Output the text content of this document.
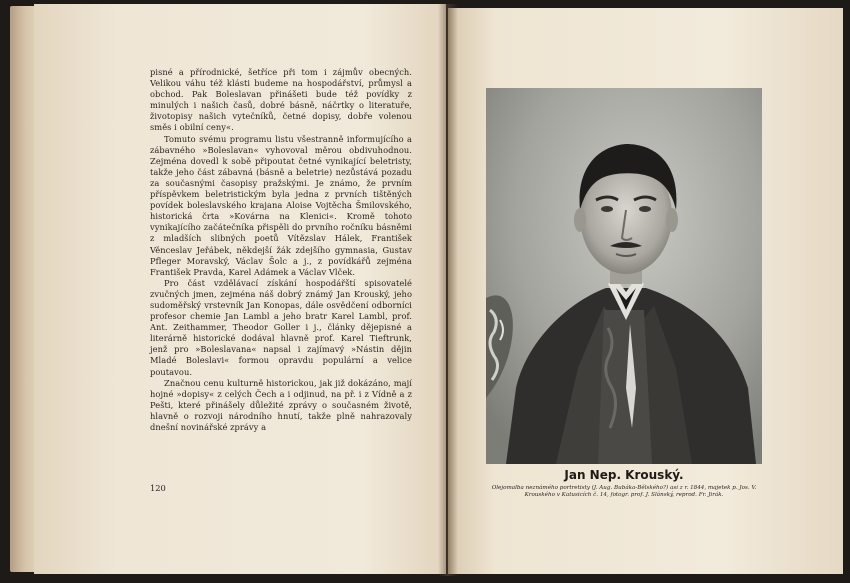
pisné a přírodnické, šetříce při tom i zájmův obecných. Velikou váhu též klásti budeme na hospodářství, průmysl a obchod. Pak Boleslavan přinášeti bude též povídky z minulých i našich časů, dobré básně, náčrtky o literatuře, životopisy našich vytečníků, četné dopisy, dobře volenou směs i obilní ceny«.

Tomuto svému programu listu všestranně informujícího a zábavného »Boleslavan« vyhovoval měrou obdivuhodnou. Zejména dovedl k sobě připoutat četné vynikající beletristy, takže jeho část zábavná (básně a beletrie) nezůstává pozadu za současnými časopisy pražskými. Je známo, že prvním příspěvkem beletristickým byla jedna z prvních tištěných povídek boleslavského krajana Aloise Vojtěcha Šmilovského, historická črta »Kovárna na Klenici«. Kromě tohoto vynikajícího začátečníka přispěli do prvního ročníku básněmi z mladších slibných poetů Vítězslav Hálek, František Věnceslav Jeřábek, někdejší žák zdejšího gymnasia, Gustav Pfleger Moravský, Václav Šolc a j., z povídkářů zejména František Pravda, Karel Adámek a Václav Vlček.

Pro část vzdělávací získání hospodářští spisovatelé zvučných jmen, zejména náš dobrý známý Jan Krouský, jeho sudoměřský vrstevník Jan Konopas, dále osvědčení odborníci profesor chemie Jan Lambl a jeho bratr Karel Lambl, prof. Ant. Zeithammer, Theodor Goller i j., články dějepisné a literárně historické dodával hlavně prof. Karel Tieftrunk, jenž pro »Boleslavana« napsal i zajímavý »Nástin dějin Mladé Boleslavi« formou opravdu populární a velice poutavou.

Značnou cenu kulturně historickou, jak již dokázáno, mají hojné »dopisy« z celých Čech a i odjinud, na př. i z Vídně a z Pešti, které přinášely důležité zprávy o současném životě, hlavně o rozvoji národního hnutí, takže plně nahrazovaly dnešní novinářské zprávy a

120
Jan Nep. Krouský.
Olejomalba neznámého portretisty (J. Aug. Bubáka-Bělského?) asi z r. 1844, majetek p. Jos. V. Krouského v Katusicích č. 14, fotogr. prof. J. Slánský, reprod. Fr. Jirák.
